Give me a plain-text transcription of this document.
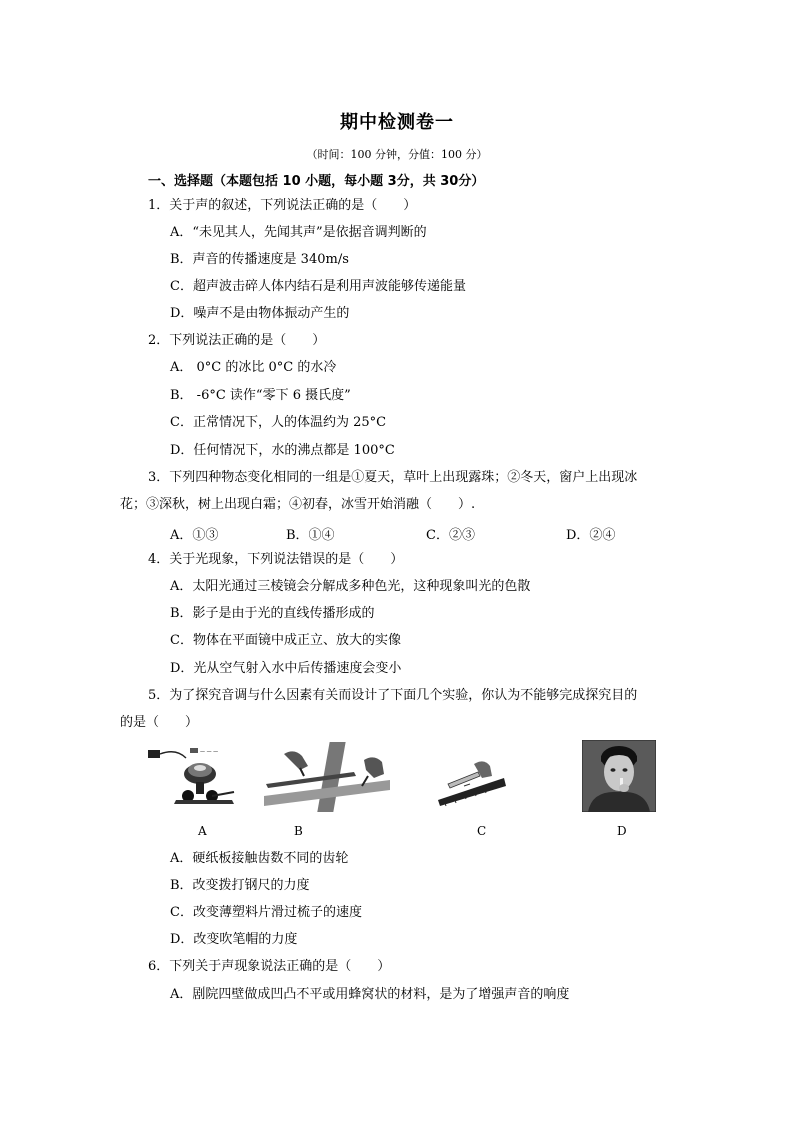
期中检测卷一
（时间：100 分钟，分值：100 分）
一、选择题（本题包括 10 小题，每小题 3分，共 30分）
1．关于声的叙述，下列说法正确的是（　　）
A．“未见其人，先闻其声”是依据音调判断的
B．声音的传播速度是 340m/s
C．超声波击碎人体内结石是利用声波能够传递能量
D．噪声不是由物体振动产生的
2．下列说法正确的是（　　）
A． 0°C 的冰比 0°C 的水冷
B． -6°C 读作“零下 6 摄氏度”
C．正常情况下，人的体温约为 25°C
D．任何情况下，水的沸点都是 100°C
3．下列四种物态变化相同的一组是①夏天，草叶上出现露珠；②冬天，窗户上出现冰
花；③深秋，树上出现白霜；④初春，冰雪开始消融（　　）.
A．①③	B．①④	C．②③	D．②④
4．关于光现象，下列说法错误的是（　　）
A．太阳光通过三棱镜会分解成多种色光，这种现象叫光的色散
B．影子是由于光的直线传播形成的
C．物体在平面镜中成正立、放大的实像
D．光从空气射入水中后传播速度会变小
5．为了探究音调与什么因素有关而设计了下面几个实验，你认为不能够完成探究目的
的是（　　）
— — —
A	B	C	D
A．硬纸板接触齿数不同的齿轮
B．改变拨打钢尺的力度
C．改变薄塑料片滑过梳子的速度
D．改变吹笔帽的力度
6．下列关于声现象说法正确的是（　　）
A．剧院四壁做成凹凸不平或用蜂窝状的材料，是为了增强声音的响度
